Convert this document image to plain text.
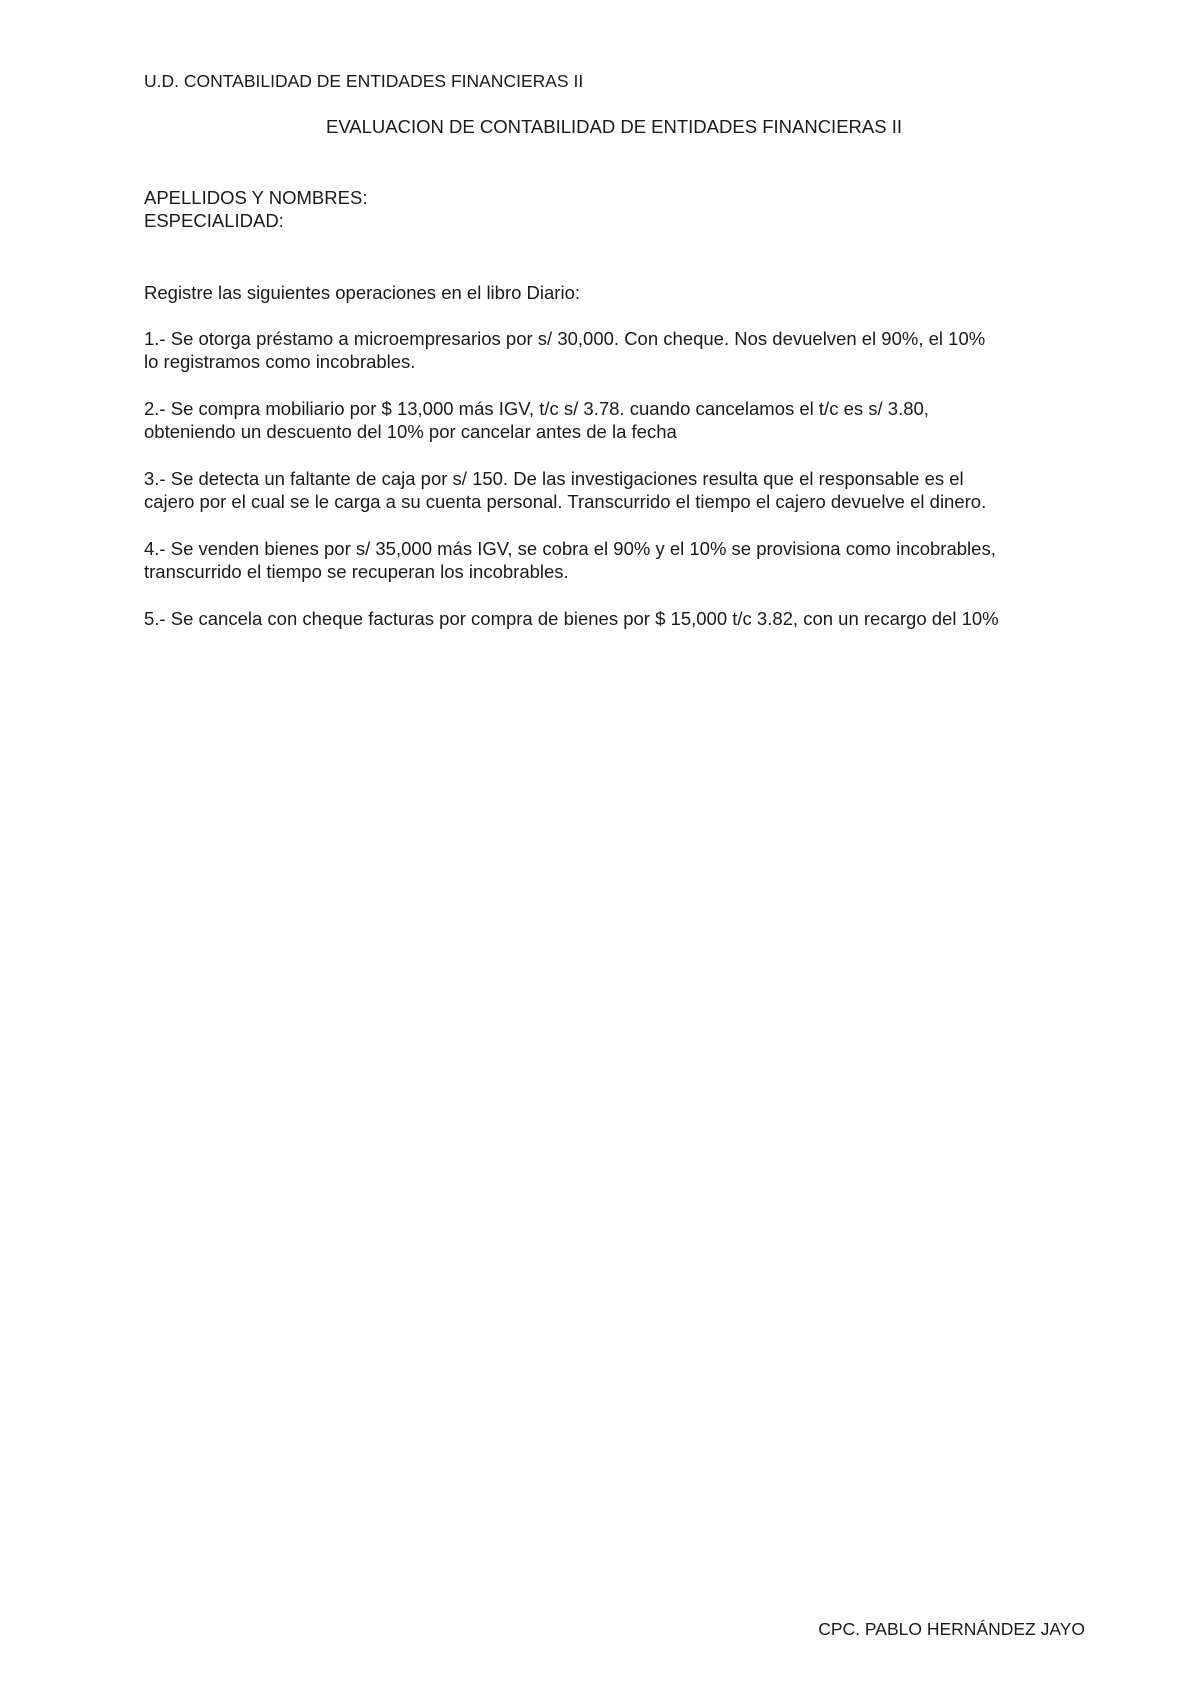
U.D. CONTABILIDAD DE ENTIDADES FINANCIERAS II
EVALUACION DE CONTABILIDAD DE ENTIDADES FINANCIERAS II
APELLIDOS Y NOMBRES:
ESPECIALIDAD:
Registre las siguientes operaciones en el libro Diario:
1.- Se otorga préstamo a microempresarios por s/ 30,000. Con cheque. Nos devuelven el 90%, el 10%
lo registramos como incobrables.
2.- Se compra mobiliario por $ 13,000 más IGV, t/c s/ 3.78. cuando cancelamos el t/c es s/ 3.80,
obteniendo un descuento del 10% por cancelar antes de la fecha
3.- Se detecta un faltante de caja por s/ 150. De las investigaciones resulta que el responsable es el
cajero por el cual se le carga a su cuenta personal. Transcurrido el tiempo el cajero devuelve el dinero.
4.- Se venden bienes por s/ 35,000 más IGV, se cobra el 90% y el 10% se provisiona como incobrables,
transcurrido el tiempo se recuperan los incobrables.
5.- Se cancela con cheque facturas por compra de bienes por $ 15,000 t/c 3.82, con un recargo del 10%
CPC. PABLO HERNÁNDEZ JAYO
